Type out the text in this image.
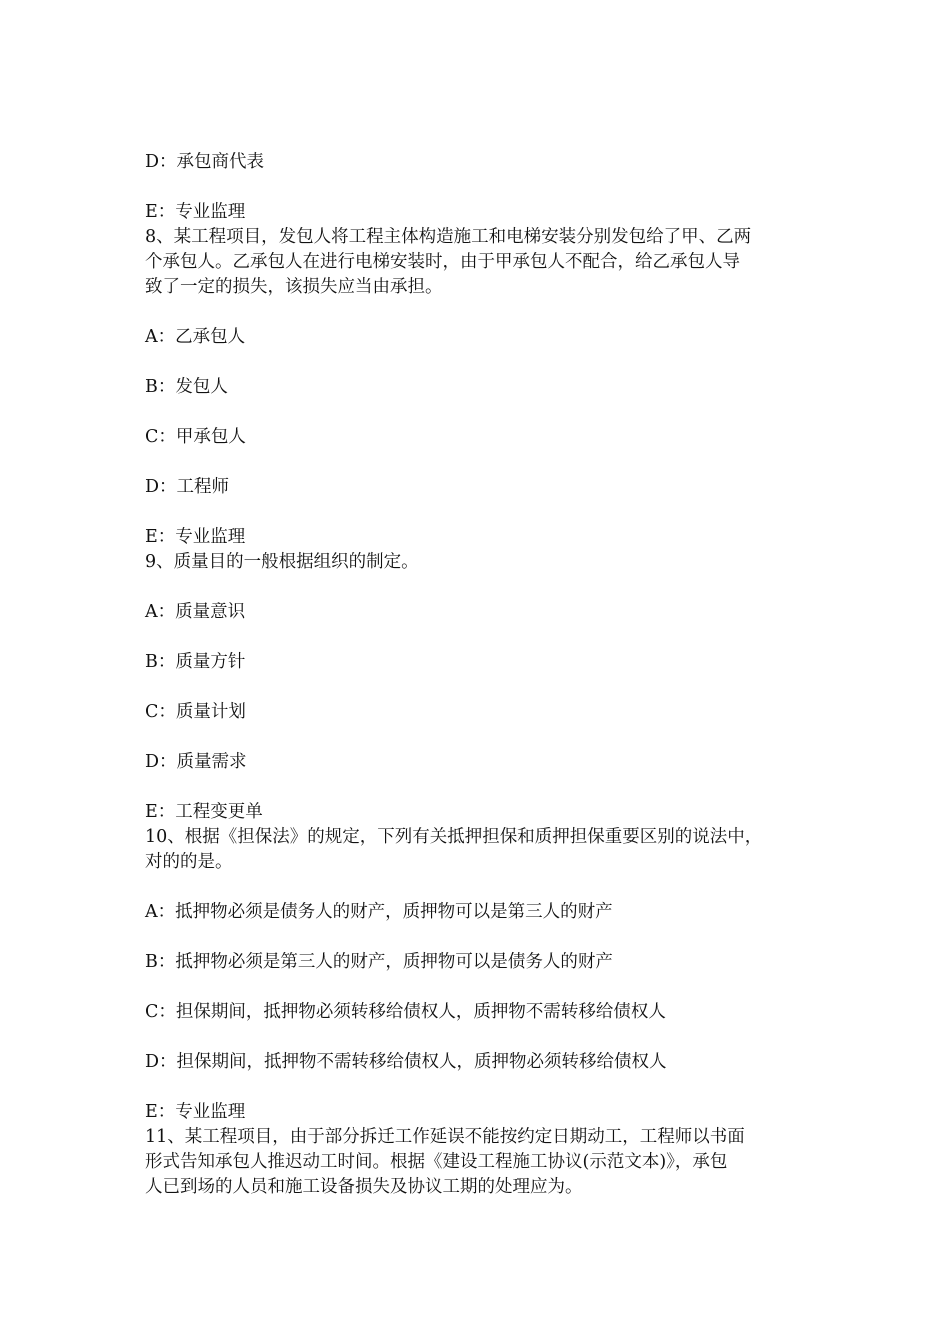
D：承包商代表
E：专业监理
8、某工程项目，发包人将工程主体构造施工和电梯安装分别发包给了甲、乙两
个承包人。乙承包人在进行电梯安装时，由于甲承包人不配合，给乙承包人导
致了一定的损失，该损失应当由承担。
A：乙承包人
B：发包人
C：甲承包人
D：工程师
E：专业监理
9、质量目的一般根据组织的制定。
A：质量意识
B：质量方针
C：质量计划
D：质量需求
E：工程变更单
10、根据《担保法》的规定，下列有关抵押担保和质押担保重要区别的说法中，
对的的是。
A：抵押物必须是债务人的财产，质押物可以是第三人的财产
B：抵押物必须是第三人的财产，质押物可以是债务人的财产
C：担保期间，抵押物必须转移给债权人，质押物不需转移给债权人
D：担保期间，抵押物不需转移给债权人，质押物必须转移给债权人
E：专业监理
11、某工程项目，由于部分拆迁工作延误不能按约定日期动工，工程师以书面
形式告知承包人推迟动工时间。根据《建设工程施工协议(示范文本)》，承包
人已到场的人员和施工设备损失及协议工期的处理应为。
